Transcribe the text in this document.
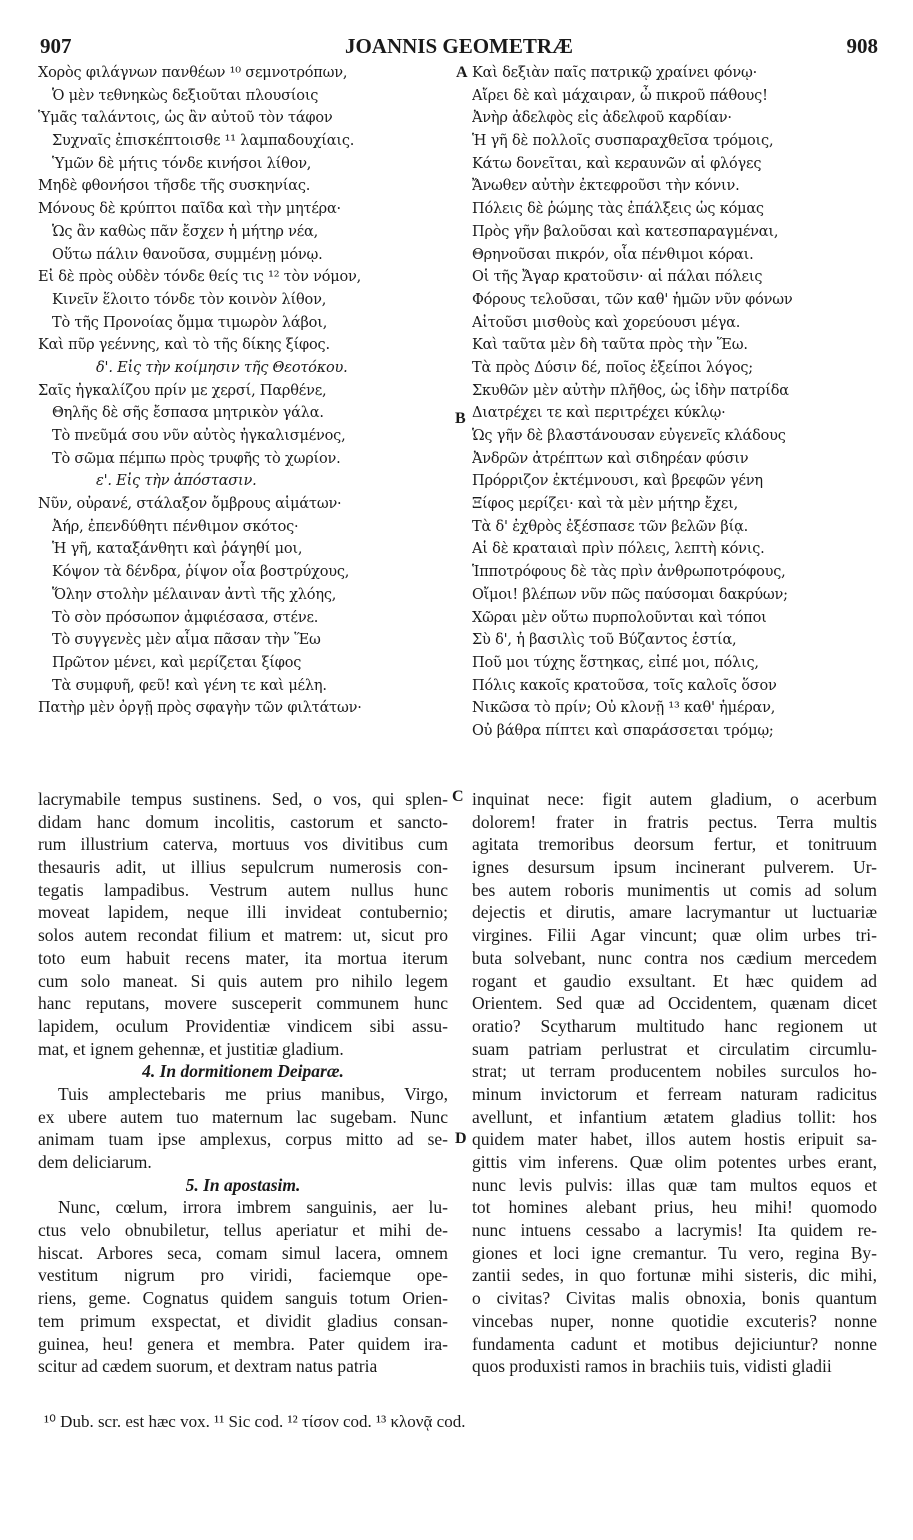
907	JOANNIS GEOMETRÆ	908
Χορὸς φιλάγνων πανθέων ¹⁰ σεμνοτρόπων,
Ὁ μὲν τεθνηκὼς δεξιοῦται πλουσίοις
Ὑμᾶς ταλάντοις, ὡς ἂν αὐτοῦ τὸν τάφον
Συχναῖς ἐπισκέπτοισθε ¹¹ λαμπαδουχίαις.
Ὑμῶν δὲ μήτις τόνδε κινήσοι λίθον,
Μηδὲ φθονήσοι τῆσδε τῆς συσκηνίας.
Μόνους δὲ κρύπτοι παῖδα καὶ τὴν μητέρα·
Ὡς ἂν καθὼς πᾶν ἔσχεν ἡ μήτηρ νέα,
Οὕτω πάλιν θανοῦσα, συμμένῃ μόνῳ.
Εἰ δὲ πρὸς οὐδὲν τόνδε θείς τις ¹² τὸν νόμον,
Κινεῖν ἕλοιτο τόνδε τὸν κοινὸν λίθον,
Τὸ τῆς Προνοίας ὄμμα τιμωρὸν λάβοι,
Καὶ πῦρ γεέννης, καὶ τὸ τῆς δίκης ξίφος.
δ'. Εἰς τὴν κοίμησιν τῆς Θεοτόκου.
Σαῖς ἠγκαλίζου πρίν με χερσί, Παρθένε,
Θηλῆς δὲ σῆς ἔσπασα μητρικὸν γάλα.
Τὸ πνεῦμά σου νῦν αὐτὸς ἠγκαλισμένος,
Τὸ σῶμα πέμπω πρὸς τρυφῆς τὸ χωρίον.
ε'. Εἰς τὴν ἀπόστασιν.
Νῦν, οὐρανέ, στάλαξον ὄμβρους αἱμάτων·
Ἀήρ, ἐπενδύθητι πένθιμον σκότος·
Ἡ γῆ, καταξάνθητι καὶ ῥάγηθί μοι,
Κόψον τὰ δένδρα, ῥίψον οἷα βοστρύχους,
Ὅλην στολὴν μέλαιναν ἀντὶ τῆς χλόης,
Τὸ σὸν πρόσωπον ἀμφιέσασα, στένε.
Τὸ συγγενὲς μὲν αἷμα πᾶσαν τὴν Ἕω
Πρῶτον μένει, καὶ μερίζεται ξίφος
Τὰ συμφυῆ, φεῦ! καὶ γένη τε καὶ μέλη.
Πατὴρ μὲν ὀργῇ πρὸς σφαγὴν τῶν φιλτάτων·
Καὶ δεξιὰν παῖς πατρικῷ χραίνει φόνῳ·
Αἴρει δὲ καὶ μάχαιραν, ὦ πικροῦ πάθους!
Ἀνὴρ ἀδελφὸς εἰς ἀδελφοῦ καρδίαν·
Ἡ γῆ δὲ πολλοῖς συσπαραχθεῖσα τρόμοις,
Κάτω δονεῖται, καὶ κεραυνῶν αἱ φλόγες
Ἄνωθεν αὐτὴν ἐκτεφροῦσι τὴν κόνιν.
Πόλεις δὲ ῥώμης τὰς ἐπάλξεις ὡς κόμας
Πρὸς γῆν βαλοῦσαι καὶ κατεσπαραγμέναι,
Θρηνοῦσαι πικρόν, οἷα πένθιμοι κόραι.
Οἱ τῆς Ἄγαρ κρατοῦσιν· αἱ πάλαι πόλεις
Φόρους τελοῦσαι, τῶν καθ' ἡμῶν νῦν φόνων
Αἰτοῦσι μισθοὺς καὶ χορεύουσι μέγα.
Καὶ ταῦτα μὲν δὴ ταῦτα πρὸς τὴν Ἕω.
Τὰ πρὸς Δύσιν δέ, ποῖος ἐξείποι λόγος;
Σκυθῶν μὲν αὐτὴν πλῆθος, ὡς ἰδὴν πατρίδα
Διατρέχει τε καὶ περιτρέχει κύκλῳ·
Ὡς γῆν δὲ βλαστάνουσαν εὐγενεῖς κλάδους
Ἀνδρῶν ἀτρέπτων καὶ σιδηρέαν φύσιν
Πρόρριζον ἐκτέμνουσι, καὶ βρεφῶν γένη
Ξίφος μερίζει· καὶ τὰ μὲν μήτηρ ἔχει,
Τὰ δ' ἐχθρὸς ἐξέσπασε τῶν βελῶν βίᾳ.
Αἱ δὲ κραταιαὶ πρὶν πόλεις, λεπτὴ κόνις.
Ἱπποτρόφους δὲ τὰς πρὶν ἀνθρωποτρόφους,
Οἴμοι! βλέπων νῦν πῶς παύσομαι δακρύων;
Χῶραι μὲν οὕτω πυρπολοῦνται καὶ τόποι
Σὺ δ', ἡ βασιλὶς τοῦ Βύζαντος ἑστία,
Ποῦ μοι τύχης ἕστηκας, εἰπέ μοι, πόλις,
Πόλις κακοῖς κρατοῦσα, τοῖς καλοῖς ὅσον
Νικῶσα τὸ πρίν; Οὐ κλονῇ ¹³ καθ' ἡμέραν,
Οὐ βάθρα πίπτει καὶ σπαράσσεται τρόμῳ;
lacrymabile tempus sustinens. Sed, o vos, qui splen-
didam hanc domum incolitis, castorum et sancto-
rum illustrium caterva, mortuus vos divitibus cum
thesauris adit, ut illius sepulcrum numerosis con-
tegatis lampadibus. Vestrum autem nullus hunc
moveat lapidem, neque illi invideat contubernio;
solos autem recondat filium et matrem: ut, sicut pro
toto eum habuit recens mater, ita mortua iterum
cum solo maneat. Si quis autem pro nihilo legem
hanc reputans, movere susceperit communem hunc
lapidem, oculum Providentiæ vindicem sibi assu-
mat, et ignem gehennæ, et justitiæ gladium.
4. In dormitionem Deiparæ.
Tuis amplectebaris me prius manibus, Virgo,
ex ubere autem tuo maternum lac sugebam. Nunc
animam tuam ipse amplexus, corpus mitto ad se-
dem deliciarum.
5. In apostasim.
Nunc, cœlum, irrora imbrem sanguinis, aer lu-
ctus velo obnubiletur, tellus aperiatur et mihi de-
hiscat. Arbores seca, comam simul lacera, omnem
vestitum nigrum pro viridi, faciemque ope-
riens, geme. Cognatus quidem sanguis totum Orien-
tem primum exspectat, et dividit gladius consan-
guinea, heu! genera et membra. Pater quidem ira-
scitur ad cædem suorum, et dextram natus patria
inquinat nece: figit autem gladium, o acerbum
dolorem! frater in fratris pectus. Terra multis
agitata tremoribus deorsum fertur, et tonitruum
ignes desursum ipsum incinerant pulverem. Ur-
bes autem roboris munimentis ut comis ad solum
dejectis et dirutis, amare lacrymantur ut luctuariæ
virgines. Filii Agar vincunt; quæ olim urbes tri-
buta solvebant, nunc contra nos cædium mercedem
rogant et gaudio exsultant. Et hæc quidem ad
Orientem. Sed quæ ad Occidentem, quænam dicet
oratio? Scytharum multitudo hanc regionem ut
suam patriam perlustrat et circulatim circumlu-
strat; ut terram producentem nobiles surculos ho-
minum invictorum et ferream naturam radicitus
avellunt, et infantium ætatem gladius tollit: hos
quidem mater habet, illos autem hostis eripuit sa-
gittis vim inferens. Quæ olim potentes urbes erant,
nunc levis pulvis: illas quæ tam multos equos et
tot homines alebant prius, heu mihi! quomodo
nunc intuens cessabo a lacrymis! Ita quidem re-
giones et loci igne cremantur. Tu vero, regina By-
zantii sedes, in quo fortunæ mihi sisteris, dic mihi,
o civitas? Civitas malis obnoxia, bonis quantum
vincebas nuper, nonne quotidie excuteris? nonne
fundamenta cadunt et motibus dejiciuntur? nonne
quos produxisti ramos in brachiis tuis, vidisti gladii
A
B
C
D
¹⁰ Dub. scr. est hæc vox. ¹¹ Sic cod. ¹² τίσον cod. ¹³ κλονᾷ cod.
